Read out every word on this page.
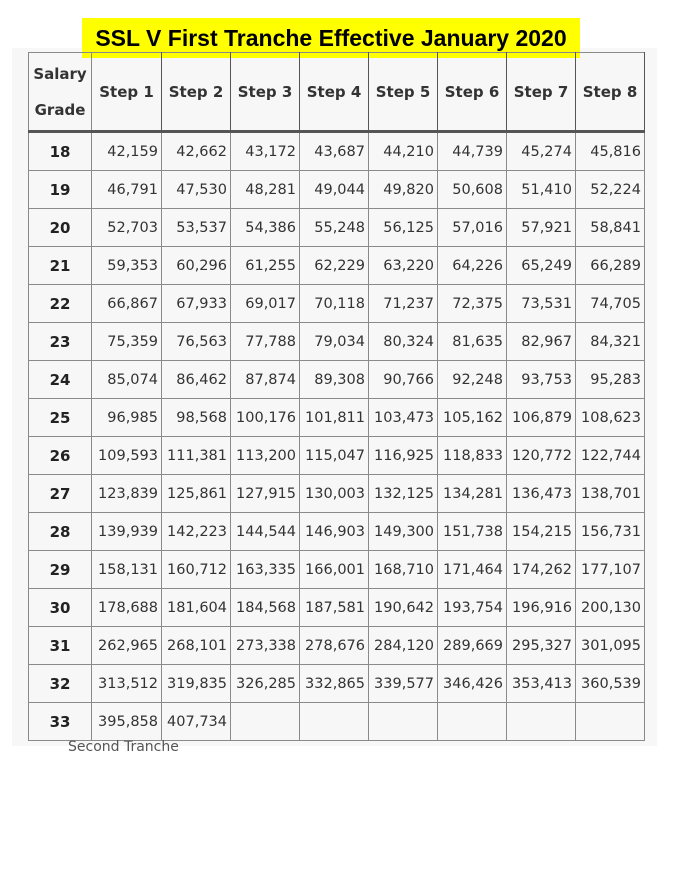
SSL V First Tranche Effective January 2020
Salary
Grade	Step 1	Step 2	Step 3	Step 4	Step 5	Step 6	Step 7	Step 8
18	42,159	42,662	43,172	43,687	44,210	44,739	45,274	45,816
19	46,791	47,530	48,281	49,044	49,820	50,608	51,410	52,224
20	52,703	53,537	54,386	55,248	56,125	57,016	57,921	58,841
21	59,353	60,296	61,255	62,229	63,220	64,226	65,249	66,289
22	66,867	67,933	69,017	70,118	71,237	72,375	73,531	74,705
23	75,359	76,563	77,788	79,034	80,324	81,635	82,967	84,321
24	85,074	86,462	87,874	89,308	90,766	92,248	93,753	95,283
25	96,985	98,568	100,176	101,811	103,473	105,162	106,879	108,623
26	109,593	111,381	113,200	115,047	116,925	118,833	120,772	122,744
27	123,839	125,861	127,915	130,003	132,125	134,281	136,473	138,701
28	139,939	142,223	144,544	146,903	149,300	151,738	154,215	156,731
29	158,131	160,712	163,335	166,001	168,710	171,464	174,262	177,107
30	178,688	181,604	184,568	187,581	190,642	193,754	196,916	200,130
31	262,965	268,101	273,338	278,676	284,120	289,669	295,327	301,095
32	313,512	319,835	326,285	332,865	339,577	346,426	353,413	360,539
33	395,858	407,734						
Second Tranche
